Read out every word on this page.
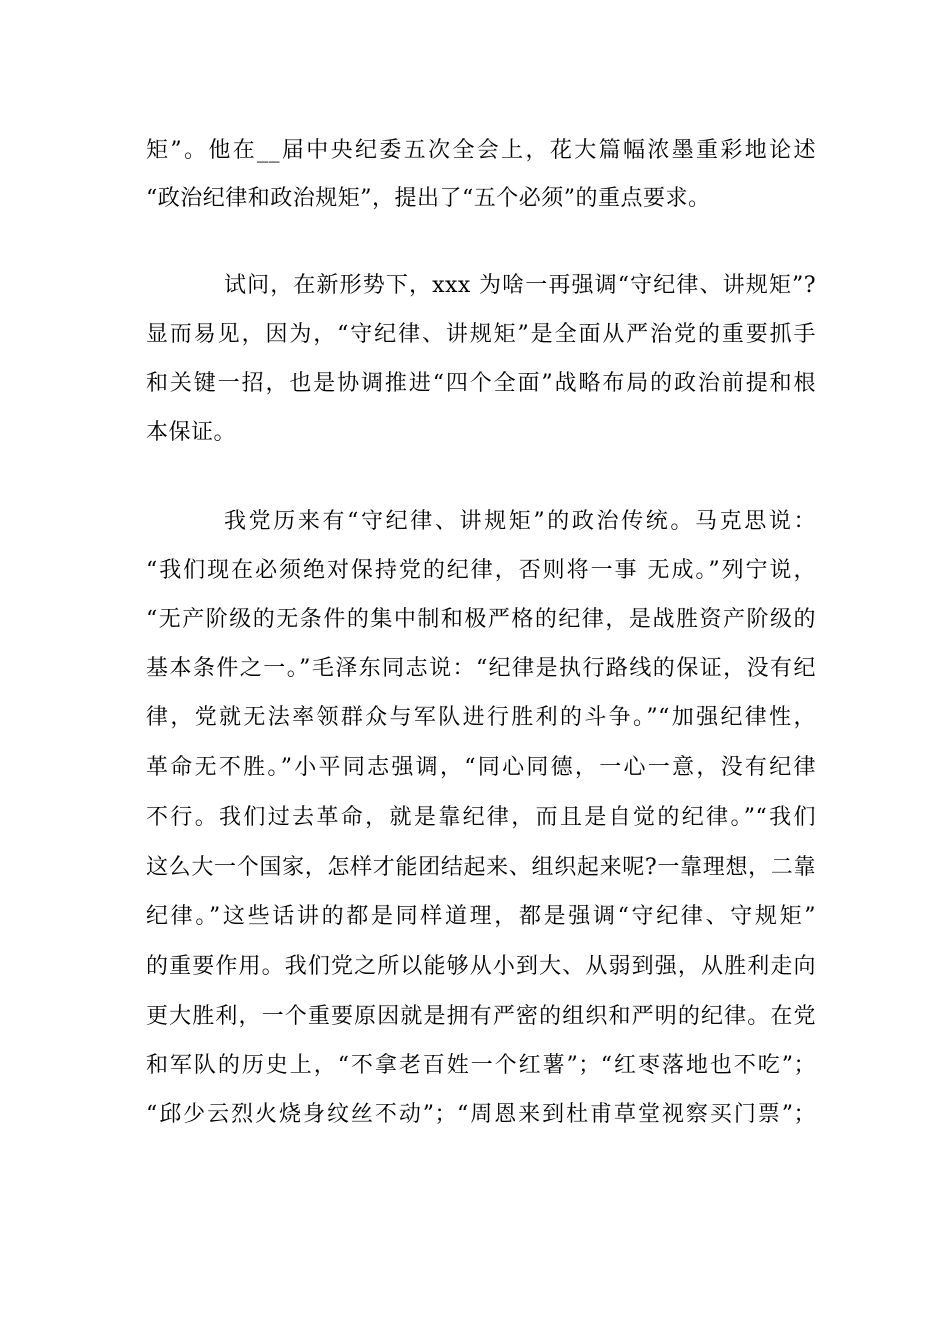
矩”。他在__届中央纪委五次全会上，花大篇幅浓墨重彩地论述
“政治纪律和政治规矩”，提出了“五个必须”的重点要求。
试问，在新形势下，xxx 为啥一再强调“守纪律、讲规矩”?
显而易见，因为，“守纪律、讲规矩”是全面从严治党的重要抓手
和关键一招，也是协调推进“四个全面”战略布局的政治前提和根
本保证。
我党历来有“守纪律、讲规矩”的政治传统。马克思说：
“我们现在必须绝对保持党的纪律，否则将一事 无成。”列宁说，
“无产阶级的无条件的集中制和极严格的纪律，是战胜资产阶级的
基本条件之一。”毛泽东同志说：“纪律是执行路线的保证，没有纪
律，党就无法率领群众与军队进行胜利的斗争。”“加强纪律性，
革命无不胜。”小平同志强调，“同心同德，一心一意，没有纪律
不行。我们过去革命，就是靠纪律，而且是自觉的纪律。”“我们
这么大一个国家，怎样才能团结起来、组织起来呢?一靠理想，二靠
纪律。”这些话讲的都是同样道理，都是强调“守纪律、守规矩”
的重要作用。我们党之所以能够从小到大、从弱到强，从胜利走向
更大胜利，一个重要原因就是拥有严密的组织和严明的纪律。在党
和军队的历史上，“不拿老百姓一个红薯”；“红枣落地也不吃”；
“邱少云烈火烧身纹丝不动”；“周恩来到杜甫草堂视察买门票”；
